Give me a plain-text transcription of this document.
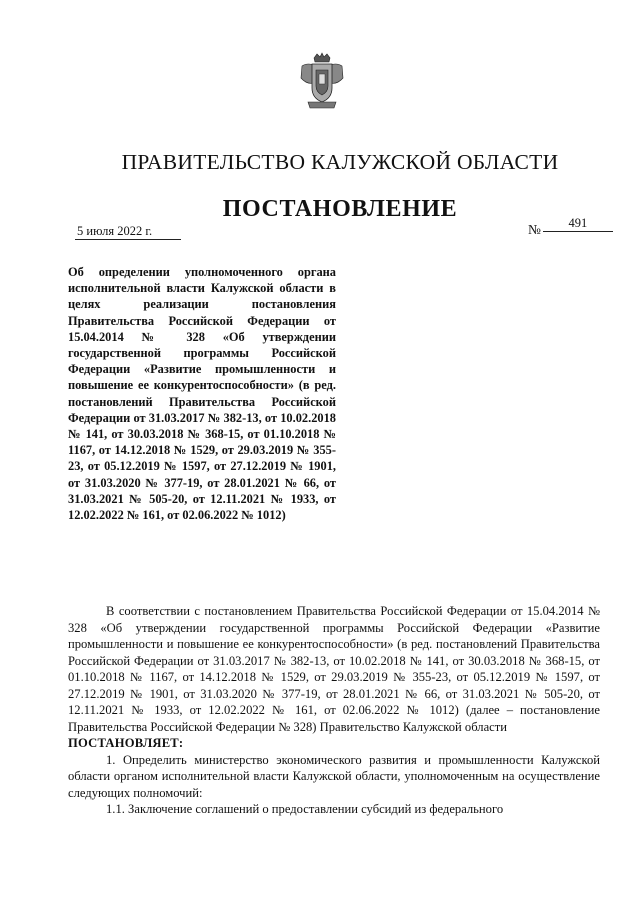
ПРАВИТЕЛЬСТВО КАЛУЖСКОЙ ОБЛАСТИ
ПОСТАНОВЛЕНИЕ
5 июля 2022 г.	№	491
Об определении уполномоченного органа исполнительной власти Калужской области в целях реализации постановления Правительства Российской Федерации от 15.04.2014 № 328 «Об утверждении государственной программы Российской Федерации «Развитие промышленности и повышение ее конкурентоспособности» (в ред. постановлений Правительства Российской Федерации от 31.03.2017 № 382-13, от 10.02.2018 № 141, от 30.03.2018 № 368-15, от 01.10.2018 № 1167, от 14.12.2018 № 1529, от 29.03.2019 № 355-23, от 05.12.2019 № 1597, от 27.12.2019 № 1901, от 31.03.2020 № 377-19, от 28.01.2021 № 66, от 31.03.2021 № 505-20, от 12.11.2021 № 1933, от 12.02.2022 № 161, от 02.06.2022 № 1012)

В соответствии с постановлением Правительства Российской Федерации от 15.04.2014 № 328 «Об утверждении государственной программы Российской Федерации «Развитие промышленности и повышение ее конкурентоспособности» (в ред. постановлений Правительства Российской Федерации от 31.03.2017 № 382-13, от 10.02.2018 № 141, от 30.03.2018 № 368-15, от 01.10.2018 № 1167, от 14.12.2018 № 1529, от 29.03.2019 № 355-23, от 05.12.2019 № 1597, от 27.12.2019 № 1901, от 31.03.2020 № 377-19, от 28.01.2021 № 66, от 31.03.2021 № 505-20, от 12.11.2021 № 1933, от 12.02.2022 № 161, от 02.06.2022 № 1012) (далее – постановление Правительства Российской Федерации № 328) Правительство Калужской области

ПОСТАНОВЛЯЕТ:

1. Определить министерство экономического развития и промышленности Калужской области органом исполнительной власти Калужской области, уполномоченным на осуществление следующих полномочий:

1.1. Заключение соглашений о предоставлении субсидий из федерального
